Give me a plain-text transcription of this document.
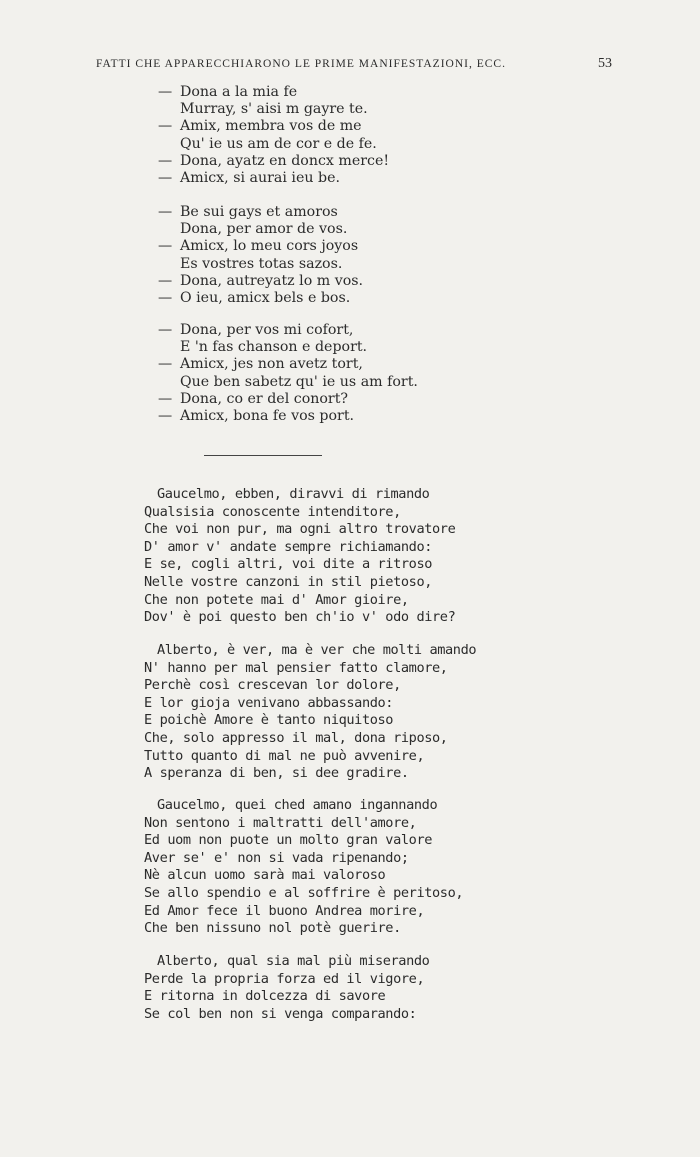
FATTI CHE APPARECCHIARONO LE PRIME MANIFESTAZIONI, ECC.	53
— Dona a la mia fe
Murray, s' aisi m gayre te.
— Amix, membra vos de me
Qu' ie us am de cor e de fe.
— Dona, ayatz en doncx merce!
— Amicx, si aurai ieu be.
— Be sui gays et amoros
Dona, per amor de vos.
— Amicx, lo meu cors joyos
Es vostres totas sazos.
— Dona, autreyatz lo m vos.
— O ieu, amicx bels e bos.
— Dona, per vos mi cofort,
E 'n fas chanson e deport.
— Amicx, jes non avetz tort,
Que ben sabetz qu' ie us am fort.
— Dona, co er del conort?
— Amicx, bona fe vos port.
Gaucelmo, ebben, diravvi di rimando
Qualsisia conoscente intenditore,
Che voi non pur, ma ogni altro trovatore
D' amor v' andate sempre richiamando:
E se, cogli altri, voi dite a ritroso
Nelle vostre canzoni in stil pietoso,
Che non potete mai d' Amor gioire,
Dov' è poi questo ben ch'io v' odo dire?
Alberto, è ver, ma è ver che molti amando
N' hanno per mal pensier fatto clamore,
Perchè così crescevan lor dolore,
E lor gioja venivano abbassando:
E poichè Amore è tanto niquitoso
Che, solo appresso il mal, dona riposo,
Tutto quanto di mal ne può avvenire,
A speranza di ben, si dee gradire.
Gaucelmo, quei ched amano ingannando
Non sentono i maltratti dell'amore,
Ed uom non puote un molto gran valore
Aver se' e' non si vada ripenando;
Nè alcun uomo sarà mai valoroso
Se allo spendio e al soffrire è peritoso,
Ed Amor fece il buono Andrea morire,
Che ben nissuno nol potè guerire.
Alberto, qual sia mal più miserando
Perde la propria forza ed il vigore,
E ritorna in dolcezza di savore
Se col ben non si venga comparando:
